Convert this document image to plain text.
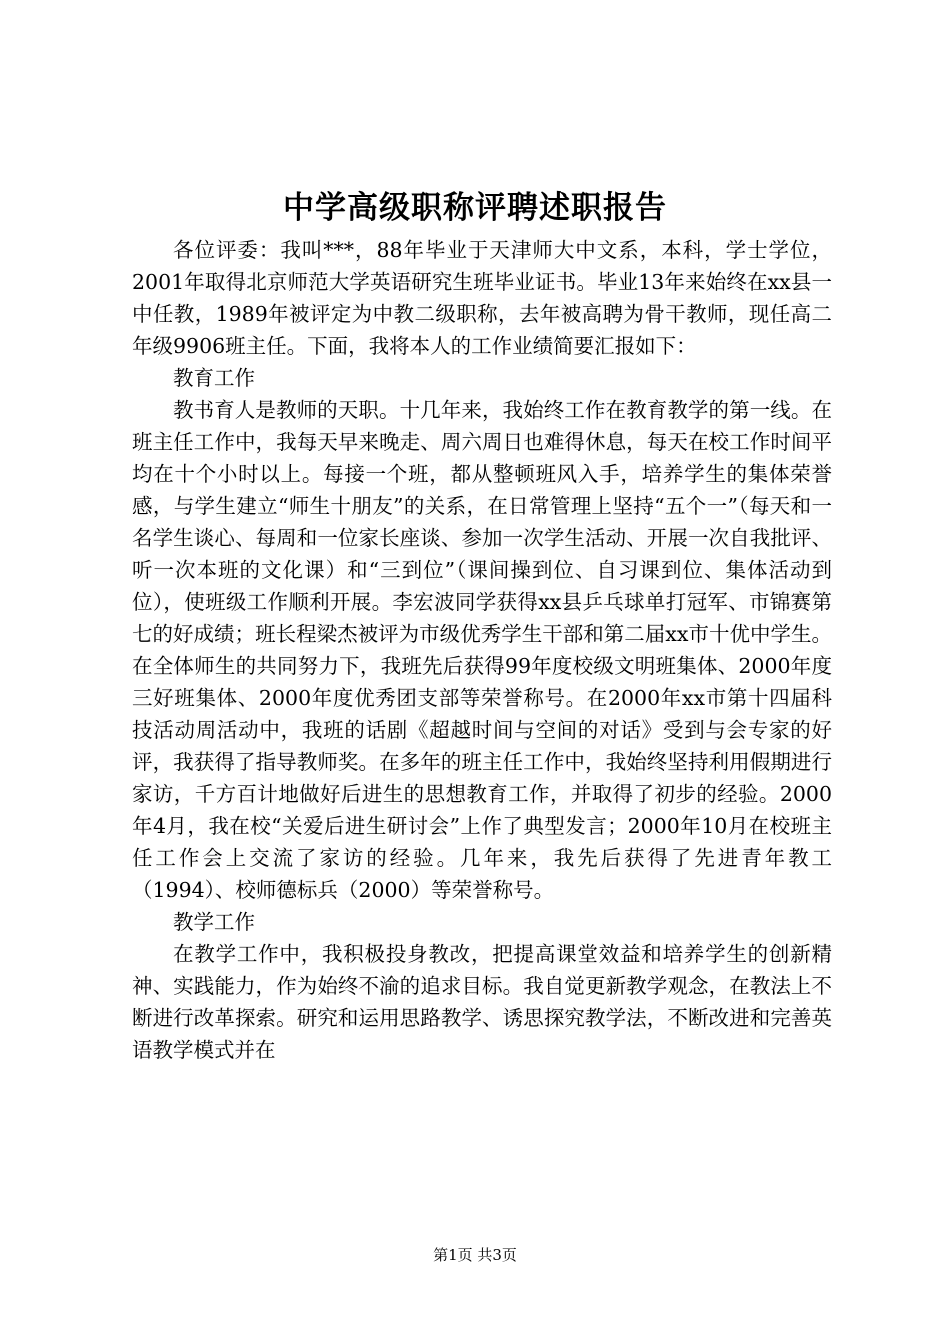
中学高级职称评聘述职报告

各位评委：我叫***，88年毕业于天津师大中文系，本科，学士学位，2001年取得北京师范大学英语研究生班毕业证书。毕业13年来始终在xx县一中任教，1989年被评定为中教二级职称，去年被高聘为骨干教师，现任高二年级9906班主任。下面，我将本人的工作业绩简要汇报如下：

教育工作

教书育人是教师的天职。十几年来，我始终工作在教育教学的第一线。在班主任工作中，我每天早来晚走、周六周日也难得休息，每天在校工作时间平均在十个小时以上。每接一个班，都从整顿班风入手，培养学生的集体荣誉感，与学生建立“师生十朋友”的关系，在日常管理上坚持“五个一”（每天和一名学生谈心、每周和一位家长座谈、参加一次学生活动、开展一次自我批评、听一次本班的文化课）和“三到位”（课间操到位、自习课到位、集体活动到位），使班级工作顺利开展。李宏波同学获得xx县乒乓球单打冠军、市锦赛第七的好成绩；班长程梁杰被评为市级优秀学生干部和第二届xx市十优中学生。在全体师生的共同努力下，我班先后获得99年度校级文明班集体、2000年度三好班集体、2000年度优秀团支部等荣誉称号。在2000年xx市第十四届科技活动周活动中，我班的话剧《超越时间与空间的对话》受到与会专家的好评，我获得了指导教师奖。在多年的班主任工作中，我始终坚持利用假期进行家访，千方百计地做好后进生的思想教育工作，并取得了初步的经验。2000年4月，我在校“关爱后进生研讨会”上作了典型发言；2000年10月在校班主任工作会上交流了家访的经验。几年来，我先后获得了先进青年教工（1994）、校师德标兵（2000）等荣誉称号。

教学工作

在教学工作中，我积极投身教改，把提高课堂效益和培养学生的创新精神、实践能力，作为始终不渝的追求目标。我自觉更新教学观念，在教法上不断进行改革探索。研究和运用思路教学、诱思探究教学法，不断改进和完善英语教学模式并在

第1页 共3页
